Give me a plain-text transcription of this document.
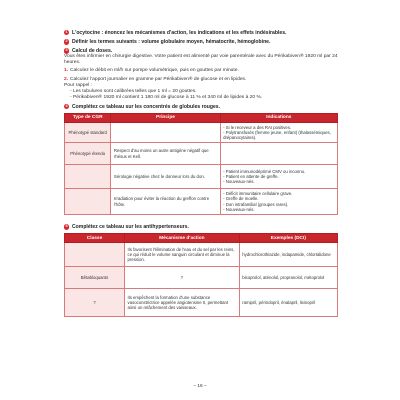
1 L'ocytocine : énoncez les mécanismes d'action, les indications et les effets indésirables.
2 Définir les termes suivants : volume globulaire moyen, hématocrite, hémoglobine.
3 Calcul de doses.
Vous êtes infirmier en chirurgie digestive. Votre patient est alimenté par voie parentérale avec du Périkabiven® 1920 ml par 24 heures.
1. Calculez le débit en ml/h sur pompe volumétrique, puis en gouttes par minute.
2. Calculez l'apport journalier en gramme par Périkabiven® de glucose et en lipides.
Pour rappel :
- Les tubulures sont calibrées telles que 1 ml = 20 gouttes.
- Périkabiven® 1920 ml contient 1 180 ml de glucose à 11 % et 340 ml de lipides à 20 %.
4 Complétez ce tableau sur les concentrés de globules rouges.
Type de CGR	Principe	Indications
Phénotypé standard		- Si le receveur a des RAI positives.
- Polytransfusés (femme jeune, enfant) (thalassémiques, drépanocytaires).
Phénotypé étendu	Respect d'au moins un autre antigène négatif que rhésus et Kell.	
	Sérologie négative chez le donneur lors du don.	- Patient immunodéprimé CMV ou inconnu.
- Patient en attente de greffe.
- Nouveaux-nés.
	Irradiation pour éviter la réaction du greffon contre l'hôte.	- Déficit immunitaire cellulaire grave.
- Greffe de moelle.
- Don intrafamilial (groupes rares).
- Nouveaux-nés.
5 Complétez ce tableau sur les antihypertenseurs.
Classe	Mécanisme d'action	Exemples (DCI)
	Ils favorisent l'élimination de l'eau et du sel par les reins, ce qui réduit le volume sanguin circulant et diminue la pression.	hydrochlorothiazide, indapamide, chlortalidone
Bêtabloquants	?	bisoprolol, aténolol, propranolol, métoprolol
?	Ils empêchent la formation d'une substance vasoconstrictrice appelée angiotensine II, permettant ainsi un relâchement des vaisseaux.	ramipril, périndopril, énalapril, lisinopril
– 16 –
